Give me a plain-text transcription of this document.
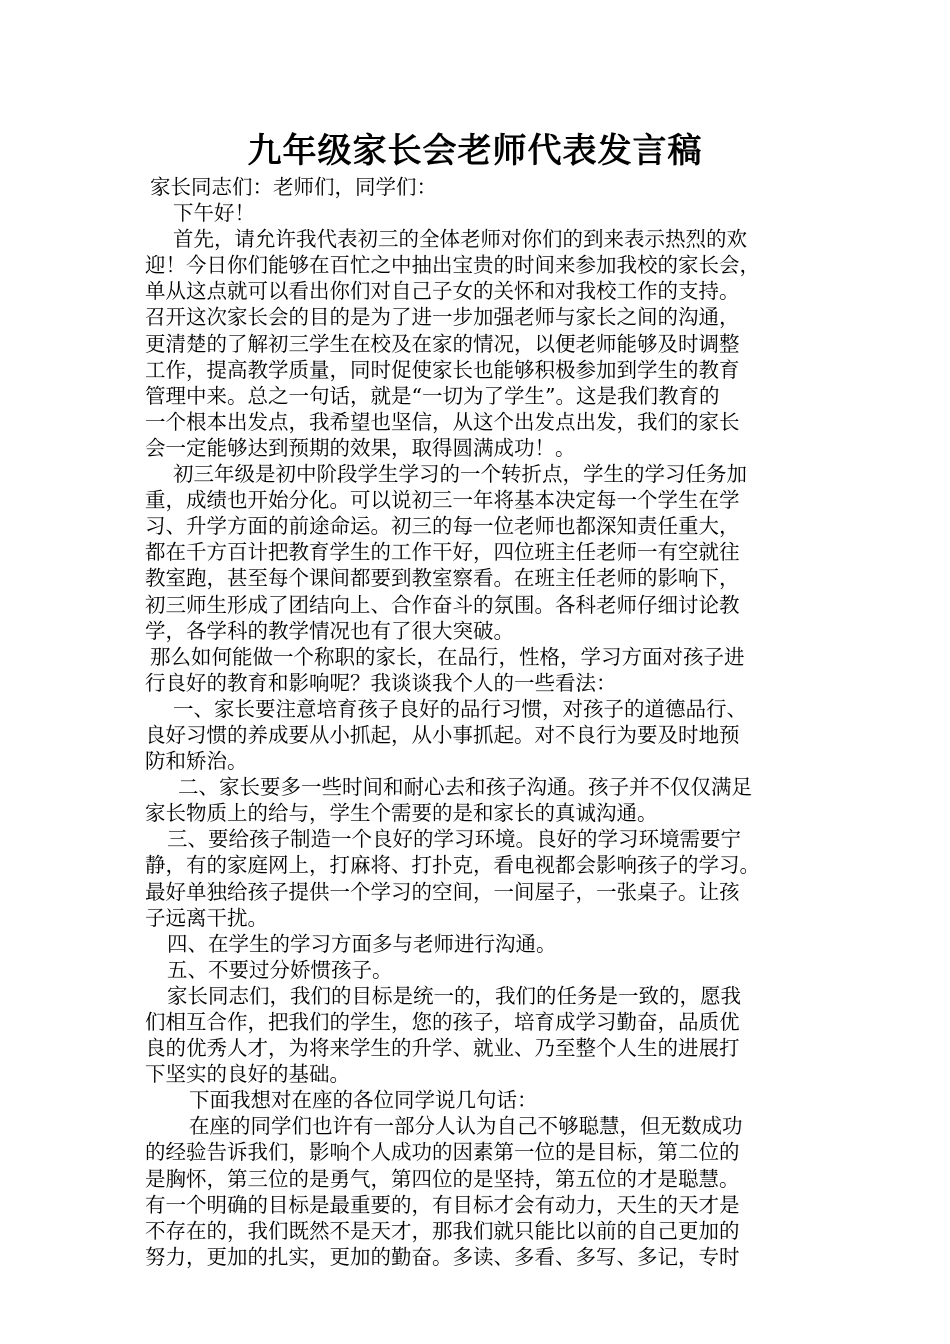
九年级家长会老师代表发言稿
家长同志们：老师们，同学们：
下午好！
首先，请允许我代表初三的全体老师对你们的到来表示热烈的欢
迎！今日你们能够在百忙之中抽出宝贵的时间来参加我校的家长会，
单从这点就可以看出你们对自己子女的关怀和对我校工作的支持。
召开这次家长会的目的是为了进一步加强老师与家长之间的沟通，
更清楚的了解初三学生在校及在家的情况，以便老师能够及时调整
工作，提高教学质量，同时促使家长也能够积极参加到学生的教育
管理中来。总之一句话，就是“一切为了学生”。这是我们教育的
一个根本出发点，我希望也坚信，从这个出发点出发，我们的家长
会一定能够达到预期的效果，取得圆满成功！。
初三年级是初中阶段学生学习的一个转折点，学生的学习任务加
重，成绩也开始分化。可以说初三一年将基本决定每一个学生在学
习、升学方面的前途命运。初三的每一位老师也都深知责任重大，
都在千方百计把教育学生的工作干好，四位班主任老师一有空就往
教室跑，甚至每个课间都要到教室察看。在班主任老师的影响下，
初三师生形成了团结向上、合作奋斗的氛围。各科老师仔细讨论教
学，各学科的教学情况也有了很大突破。
那么如何能做一个称职的家长，在品行，性格，学习方面对孩子进
行良好的教育和影响呢？我谈谈我个人的一些看法：
一、家长要注意培育孩子良好的品行习惯，对孩子的道德品行、
良好习惯的养成要从小抓起，从小事抓起。对不良行为要及时地预
防和矫治。
二、家长要多一些时间和耐心去和孩子沟通。孩子并不仅仅满足
家长物质上的给与，学生个需要的是和家长的真诚沟通。
三、要给孩子制造一个良好的学习环境。良好的学习环境需要宁
静，有的家庭网上，打麻将、打扑克，看电视都会影响孩子的学习。
最好单独给孩子提供一个学习的空间，一间屋子，一张桌子。让孩
子远离干扰。
四、在学生的学习方面多与老师进行沟通。
五、不要过分娇惯孩子。
家长同志们，我们的目标是统一的，我们的任务是一致的，愿我
们相互合作，把我们的学生，您的孩子，培育成学习勤奋，品质优
良的优秀人才，为将来学生的升学、就业、乃至整个人生的进展打
下坚实的良好的基础。
下面我想对在座的各位同学说几句话：
在座的同学们也许有一部分人认为自己不够聪慧，但无数成功
的经验告诉我们，影响个人成功的因素第一位的是目标，第二位的
是胸怀，第三位的是勇气，第四位的是坚持，第五位的才是聪慧。
有一个明确的目标是最重要的，有目标才会有动力，天生的天才是
不存在的，我们既然不是天才，那我们就只能比以前的自己更加的
努力，更加的扎实，更加的勤奋。多读、多看、多写、多记，专时
